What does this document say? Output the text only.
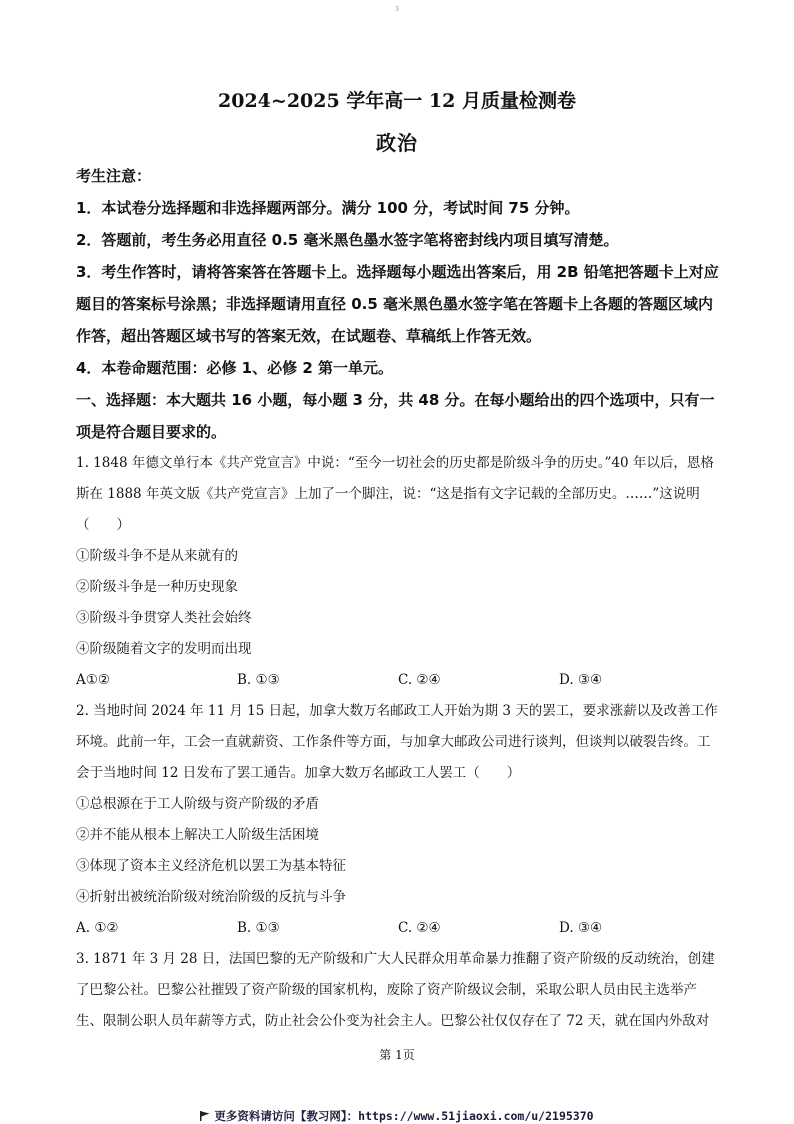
3
2024~2025 学年高一 12 月质量检测卷
政治

考生注意：

1．本试卷分选择题和非选择题两部分。满分 100 分，考试时间 75 分钟。

2．答题前，考生务必用直径 0.5 毫米黑色墨水签字笔将密封线内项目填写清楚。

3．考生作答时，请将答案答在答题卡上。选择题每小题选出答案后，用 2B 铅笔把答题卡上对应题目的答案标号涂黑；非选择题请用直径 0.5 毫米黑色墨水签字笔在答题卡上各题的答题区域内作答，超出答题区域书写的答案无效，在试题卷、草稿纸上作答无效。

4．本卷命题范围：必修 1、必修 2 第一单元。

一、选择题：本大题共 16 小题，每小题 3 分，共 48 分。在每小题给出的四个选项中，只有一项是符合题目要求的。

1. 1848 年德文单行本《共产党宣言》中说：“至今一切社会的历史都是阶级斗争的历史。”40 年以后，恩格斯在 1888 年英文版《共产党宣言》上加了一个脚注，说：“这是指有文字记载的全部历史。……”这说明（　　）

①阶级斗争不是从来就有的

②阶级斗争是一种历史现象

③阶级斗争贯穿人类社会始终

④阶级随着文字的发明而出现

A①②	B. ①③	C. ②④	D. ③④

2. 当地时间 2024 年 11 月 15 日起，加拿大数万名邮政工人开始为期 3 天的罢工，要求涨薪以及改善工作环境。此前一年，工会一直就薪资、工作条件等方面，与加拿大邮政公司进行谈判，但谈判以破裂告终。工会于当地时间 12 日发布了罢工通告。加拿大数万名邮政工人罢工（　　）

①总根源在于工人阶级与资产阶级的矛盾

②并不能从根本上解决工人阶级生活困境

③体现了资本主义经济危机以罢工为基本特征

④折射出被统治阶级对统治阶级的反抗与斗争

A. ①②	B. ①③	C. ②④	D. ③④

3. 1871 年 3 月 28 日，法国巴黎的无产阶级和广大人民群众用革命暴力推翻了资产阶级的反动统治，创建了巴黎公社。巴黎公社摧毁了资产阶级的国家机构，废除了资产阶级议会制，采取公职人员由民主选举产生、限制公职人员年薪等方式，防止社会公仆变为社会主人。巴黎公社仅仅存在了 72 天，就在国内外敌对

第 1页
更多资料请访问【教习网】：https://www.51jiaoxi.com/u/2195370
